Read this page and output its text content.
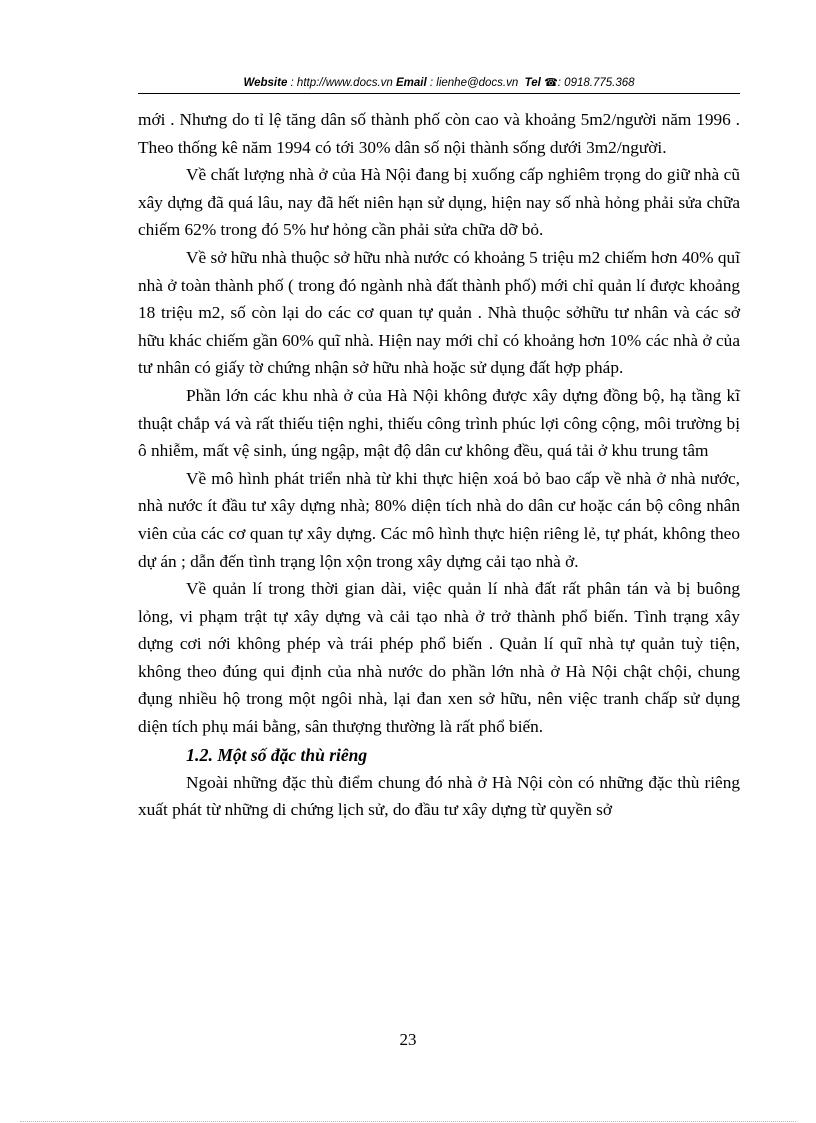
Website : http://www.docs.vn Email : lienhe@docs.vn  Tel ☎: 0918.775.368

mới . Nhưng do tỉ lệ tăng dân số thành phố còn cao và khoảng 5m2/người năm 1996 . Theo thống kê năm 1994 có tới 30% dân số nội thành sống dưới 3m2/người.

Về chất lượng nhà ở của Hà Nội đang bị xuống cấp nghiêm trọng do giữ nhà cũ xây dựng đã quá lâu, nay đã hết niên hạn sử dụng, hiện nay số nhà hỏng phải sửa chữa chiếm 62% trong đó 5% hư hỏng cần phải sửa chữa dỡ bỏ.

Về sở hữu nhà thuộc sở hữu nhà nước có khoảng 5 triệu m2 chiếm hơn 40% quĩ nhà ở toàn thành phố ( trong đó ngành nhà đất thành phố) mới chỉ quản lí được khoảng 18 triệu m2, số còn lại do các cơ quan tự quản . Nhà thuộc sởhữu tư nhân và các sở hữu khác chiếm gần 60% quĩ nhà. Hiện nay mới chỉ có khoảng hơn 10% các nhà ở của tư nhân có giấy tờ chứng nhận sở hữu nhà hoặc sử dụng đất hợp pháp.

Phần lớn các khu nhà ở của Hà Nội không được xây dựng đồng bộ, hạ tầng kĩ thuật chắp vá và rất thiếu tiện nghi, thiếu công trình phúc lợi công cộng, môi trường bị ô nhiễm, mất vệ sinh, úng ngập, mật độ dân cư không đều, quá tải ở khu trung tâm

Về mô hình phát triển nhà từ khi thực hiện xoá bỏ bao cấp về nhà ở nhà nước, nhà nước ít đầu tư xây dựng nhà; 80% diện tích nhà do dân cư hoặc cán bộ công nhân viên của các cơ quan tự xây dựng. Các mô hình thực hiện riêng lẻ, tự phát, không theo dự án ; dẫn đến tình trạng lộn xộn trong xây dựng cải tạo nhà ở.

Về quản lí trong thời gian dài, việc quản lí nhà đất rất phân tán và bị buông lỏng, vi phạm trật tự xây dựng và cải tạo nhà ở trở thành phổ biến. Tình trạng xây dựng cơi nới không phép và trái phép phổ biến . Quản lí quĩ nhà tự quản tuỳ tiện, không theo đúng qui định của nhà nước do phần lớn nhà ở Hà Nội chật chội, chung đụng nhiều hộ trong một ngôi nhà, lại đan xen sở hữu, nên việc tranh chấp sử dụng diện tích phụ mái bằng, sân thượng thường là rất phổ biến.

1.2. Một số đặc thù riêng

Ngoài những đặc thù điểm chung đó nhà ở Hà Nội còn có những đặc thù riêng xuất phát từ những di chứng lịch sử, do đầu tư xây dựng từ quyền sở

23
